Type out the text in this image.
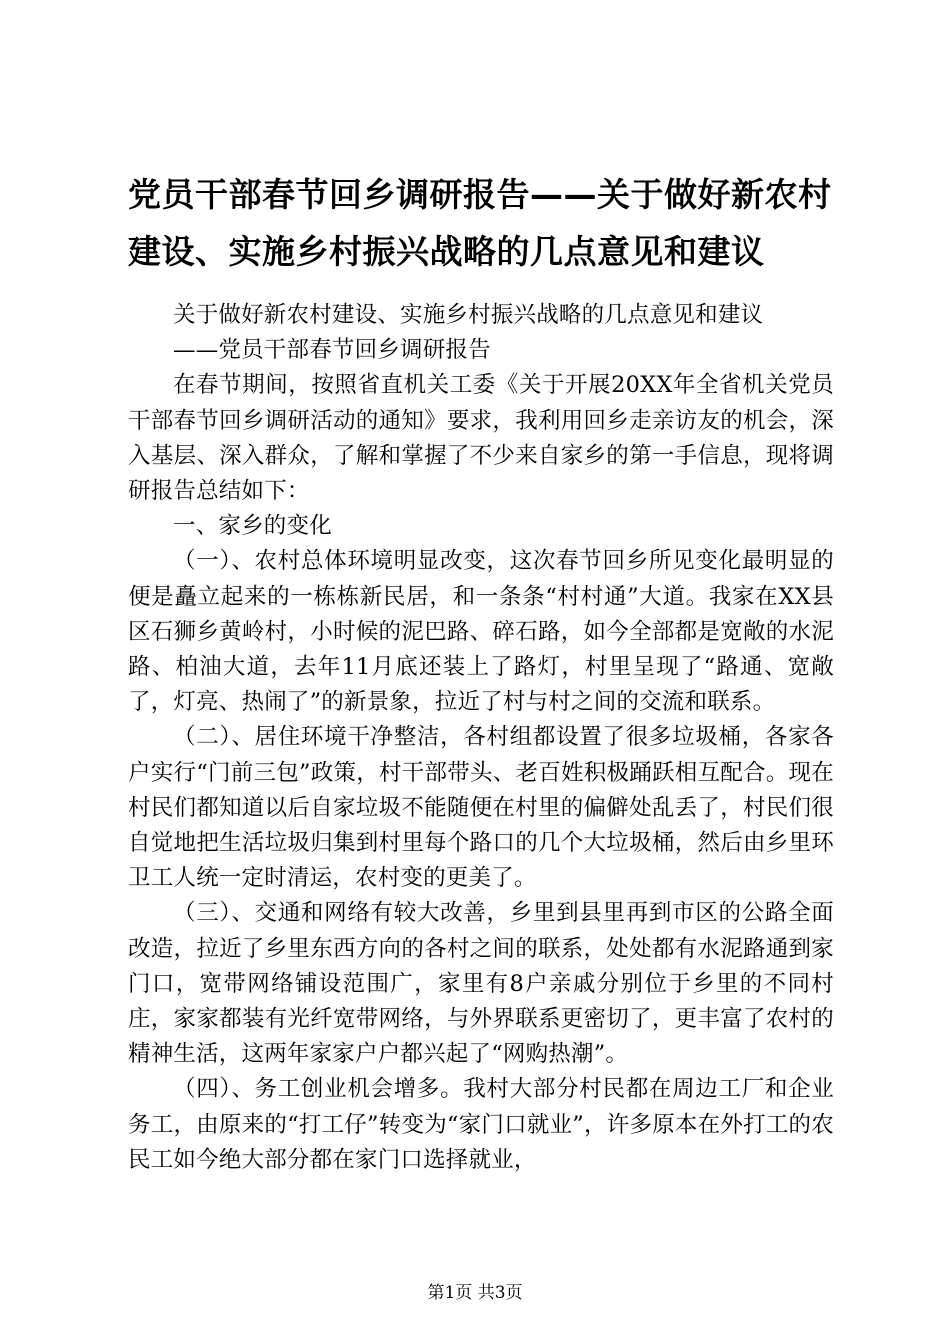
党员干部春节回乡调研报告——关于做好新农村建设、实施乡村振兴战略的几点意见和建议

关于做好新农村建设、实施乡村振兴战略的几点意见和建议

——党员干部春节回乡调研报告

在春节期间，按照省直机关工委《关于开展20XX年全省机关党员干部春节回乡调研活动的通知》要求，我利用回乡走亲访友的机会，深入基层、深入群众，了解和掌握了不少来自家乡的第一手信息，现将调研报告总结如下：

一、家乡的变化

（一）、农村总体环境明显改变，这次春节回乡所见变化最明显的便是矗立起来的一栋栋新民居，和一条条“村村通”大道。我家在XX县区石狮乡黄岭村，小时候的泥巴路、碎石路，如今全部都是宽敞的水泥路、柏油大道，去年11月底还装上了路灯，村里呈现了“路通、宽敞了，灯亮、热闹了”的新景象，拉近了村与村之间的交流和联系。

（二）、居住环境干净整洁，各村组都设置了很多垃圾桶，各家各户实行“门前三包”政策，村干部带头、老百姓积极踊跃相互配合。现在村民们都知道以后自家垃圾不能随便在村里的偏僻处乱丢了，村民们很自觉地把生活垃圾归集到村里每个路口的几个大垃圾桶，然后由乡里环卫工人统一定时清运，农村变的更美了。

（三）、交通和网络有较大改善，乡里到县里再到市区的公路全面改造，拉近了乡里东西方向的各村之间的联系，处处都有水泥路通到家门口，宽带网络铺设范围广，家里有8户亲戚分别位于乡里的不同村庄，家家都装有光纤宽带网络，与外界联系更密切了，更丰富了农村的精神生活，这两年家家户户都兴起了“网购热潮”。

（四）、务工创业机会增多。我村大部分村民都在周边工厂和企业务工，由原来的“打工仔”转变为“家门口就业”，许多原本在外打工的农民工如今绝大部分都在家门口选择就业，

第1页 共3页
